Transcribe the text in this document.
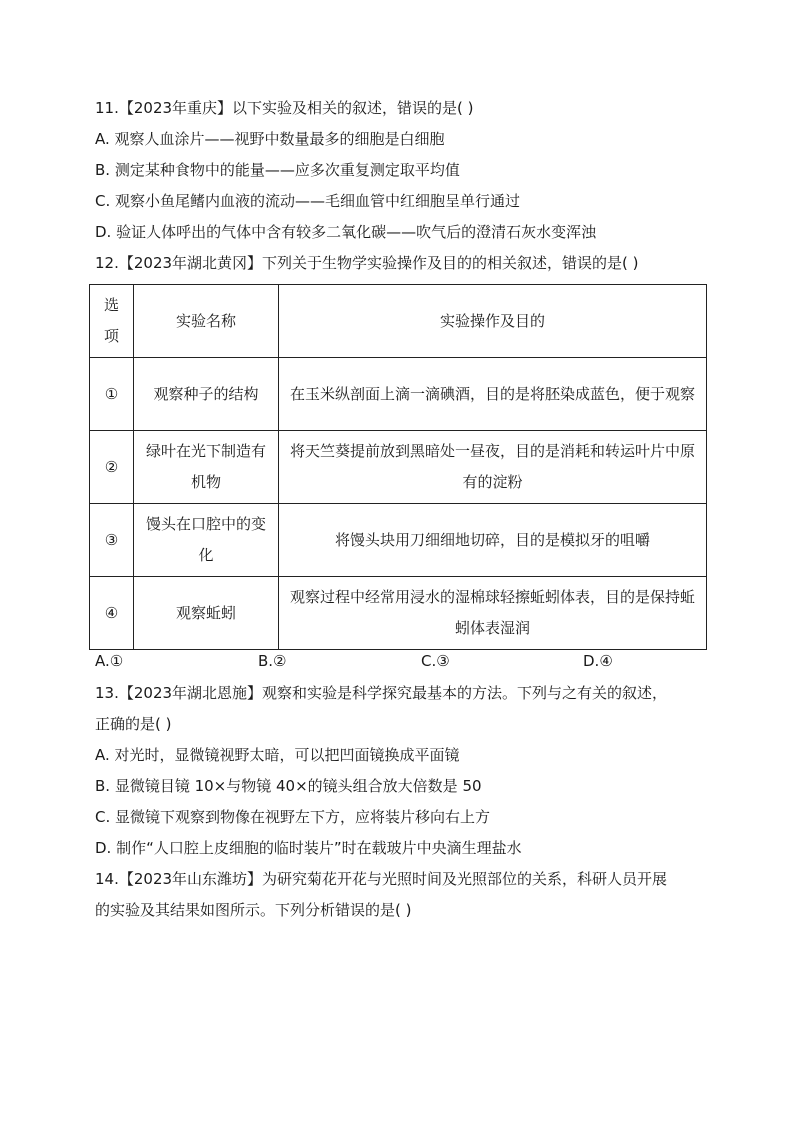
11.【2023年重庆】以下实验及相关的叙述，错误的是( )
A. 观察人血涂片——视野中数量最多的细胞是白细胞
B. 测定某种食物中的能量——应多次重复测定取平均值
C. 观察小鱼尾鳍内血液的流动——毛细血管中红细胞呈单行通过
D. 验证人体呼出的气体中含有较多二氧化碳——吹气后的澄清石灰水变浑浊
12.【2023年湖北黄冈】下列关于生物学实验操作及目的的相关叙述，错误的是( )
选项	实验名称	实验操作及目的
①	观察种子的结构	在玉米纵剖面上滴一滴碘酒，目的是将胚染成蓝色，便于观察
②	绿叶在光下制造有机物	将天竺葵提前放到黑暗处一昼夜，目的是消耗和转运叶片中原有的淀粉
③	馒头在口腔中的变化	将馒头块用刀细细地切碎，目的是模拟牙的咀嚼
④	观察蚯蚓	观察过程中经常用浸水的湿棉球轻擦蚯蚓体表，目的是保持蚯蚓体表湿润
A.①	B.②	C.③	D.④
13.【2023年湖北恩施】观察和实验是科学探究最基本的方法。下列与之有关的叙述，
正确的是( )
A. 对光时，显微镜视野太暗，可以把凹面镜换成平面镜
B. 显微镜目镜 10×与物镜 40×的镜头组合放大倍数是 50
C. 显微镜下观察到物像在视野左下方，应将装片移向右上方
D. 制作“人口腔上皮细胞的临时装片”时在载玻片中央滴生理盐水
14.【2023年山东潍坊】为研究菊花开花与光照时间及光照部位的关系，科研人员开展
的实验及其结果如图所示。下列分析错误的是( )
